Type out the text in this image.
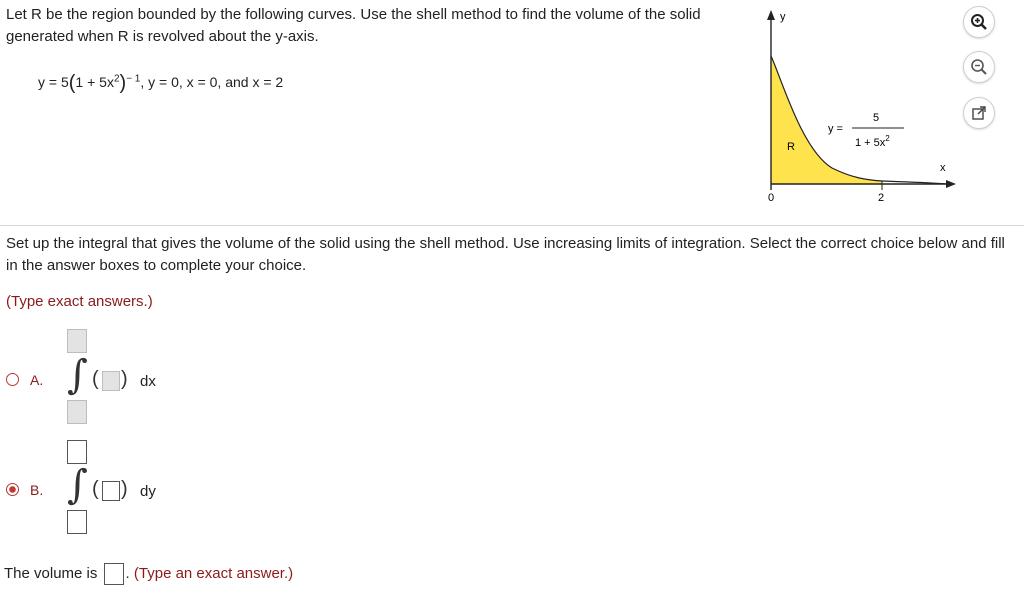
Let R be the region bounded by the following curves. Use the shell method to find the volume of the solid generated when R is revolved about the y-axis.
$y = 5(1 + 5x^2)^{- 1}$, y = 0, x = 0, and x = 2
y
x
R
y =
5
$1 + 5x^2$
0	2
Set up the integral that gives the volume of the solid using the shell method. Use increasing limits of integration. Select the correct choice below and fill in the answer boxes to complete your choice.
(Type exact answers.)
A. ∫ ( ) dx
B. ∫ ( ) dy
The volume is . (Type an exact answer.)
